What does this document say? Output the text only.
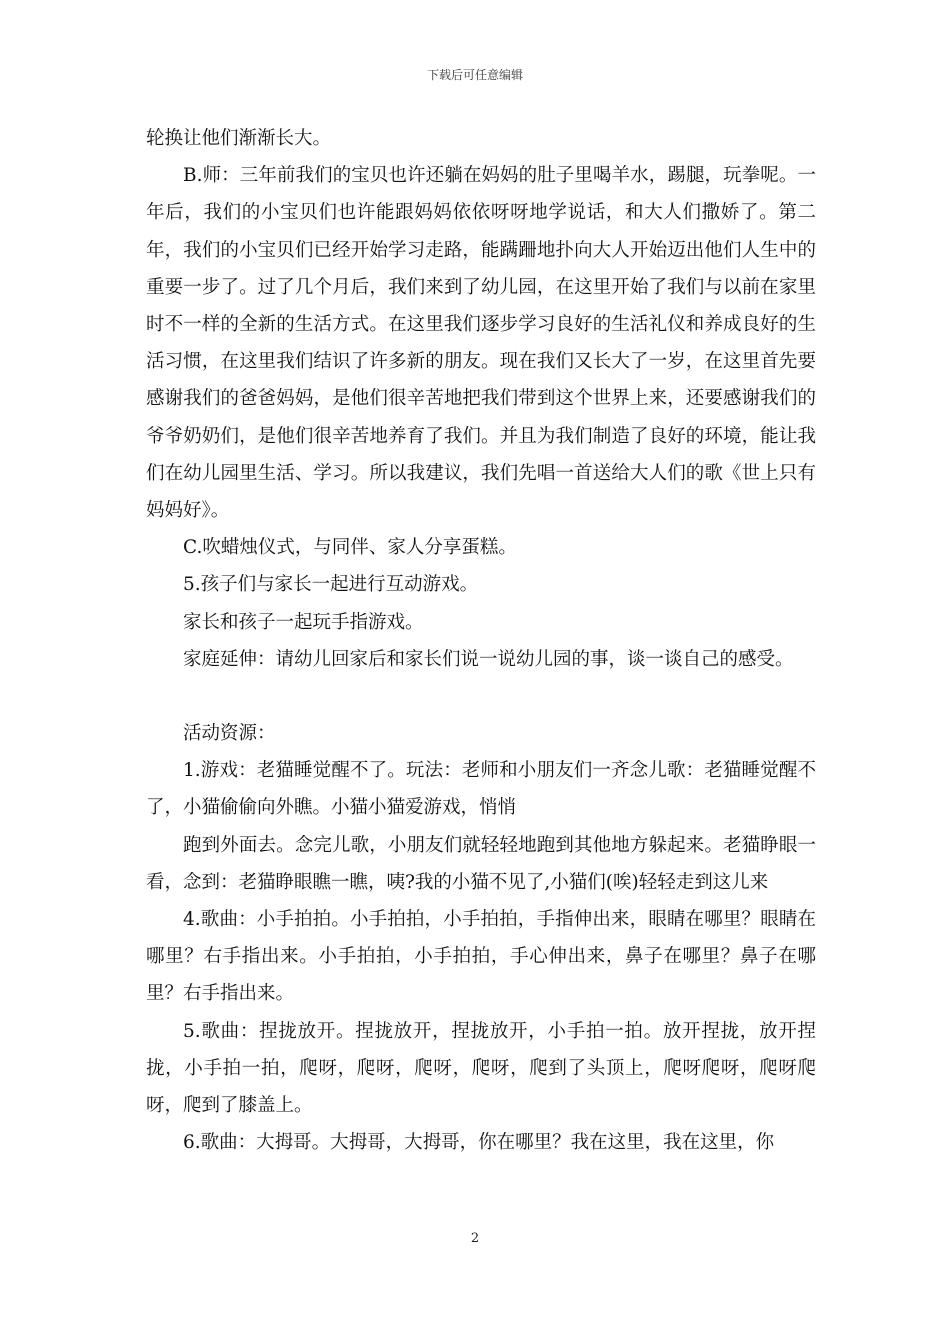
下载后可任意编辑

轮换让他们渐渐长大。

B.师：三年前我们的宝贝也许还躺在妈妈的肚子里喝羊水，踢腿，玩拳呢。一年后，我们的小宝贝们也许能跟妈妈依依呀呀地学说话，和大人们撒娇了。第二年，我们的小宝贝们已经开始学习走路，能蹒跚地扑向大人开始迈出他们人生中的重要一步了。过了几个月后，我们来到了幼儿园，在这里开始了我们与以前在家里时不一样的全新的生活方式。在这里我们逐步学习良好的生活礼仪和养成良好的生活习惯，在这里我们结识了许多新的朋友。现在我们又长大了一岁，在这里首先要感谢我们的爸爸妈妈，是他们很辛苦地把我们带到这个世界上来，还要感谢我们的爷爷奶奶们，是他们很辛苦地养育了我们。并且为我们制造了良好的环境，能让我们在幼儿园里生活、学习。所以我建议，我们先唱一首送给大人们的歌《世上只有妈妈好》。

C.吹蜡烛仪式，与同伴、家人分享蛋糕。

5.孩子们与家长一起进行互动游戏。

家长和孩子一起玩手指游戏。

家庭延伸：请幼儿回家后和家长们说一说幼儿园的事，谈一谈自己的感受。

活动资源：

1.游戏：老猫睡觉醒不了。玩法：老师和小朋友们一齐念儿歌：老猫睡觉醒不了，小猫偷偷向外瞧。小猫小猫爱游戏，悄悄

跑到外面去。念完儿歌，小朋友们就轻轻地跑到其他地方躲起来。老猫睁眼一看，念到：老猫睁眼瞧一瞧，咦?我的小猫不见了,小猫们(唉)轻轻走到这儿来

4.歌曲：小手拍拍。小手拍拍，小手拍拍，手指伸出来，眼睛在哪里？眼睛在哪里？右手指出来。小手拍拍，小手拍拍，手心伸出来，鼻子在哪里？鼻子在哪里？右手指出来。

5.歌曲：捏拢放开。捏拢放开，捏拢放开，小手拍一拍。放开捏拢，放开捏拢，小手拍一拍，爬呀，爬呀，爬呀，爬呀，爬到了头顶上，爬呀爬呀，爬呀爬呀，爬到了膝盖上。

6.歌曲：大拇哥。大拇哥，大拇哥，你在哪里？我在这里，我在这里，你

2
